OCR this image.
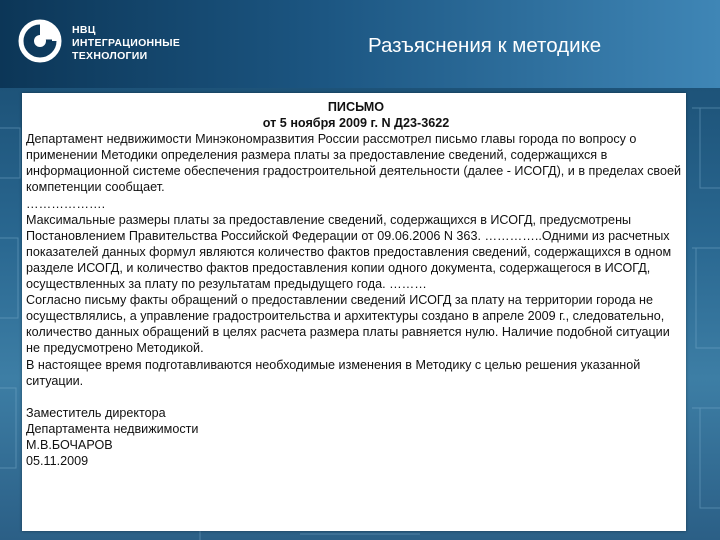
НВЦ
ИНТЕГРАЦИОННЫЕ
ТЕХНОЛОГИИ	Разъяснения к методике
ПИСЬМО
от 5 ноября 2009 г. N Д23-3622
Департамент недвижимости Минэкономразвития России рассмотрел письмо главы города по вопросу о применении Методики определения размера платы за предоставление сведений, содержащихся в информационной системе обеспечения градостроительной деятельности (далее - ИСОГД), и в пределах своей компетенции сообщает.
……………….
Максимальные размеры платы за предоставление сведений, содержащихся в ИСОГД, предусмотрены Постановлением Правительства Российской Федерации от 09.06.2006 N 363. …………..Одними из расчетных показателей данных формул являются количество фактов предоставления сведений, содержащихся в одном разделе ИСОГД, и количество фактов предоставления копии одного документа, содержащегося в ИСОГД, осуществленных за плату по результатам предыдущего года. ………
Согласно письму факты обращений о предоставлении сведений ИСОГД за плату на территории города не осуществлялись, а управление градостроительства и архитектуры создано в апреле 2009 г., следовательно, количество данных обращений в целях расчета размера платы равняется нулю. Наличие подобной ситуации не предусмотрено Методикой.
В настоящее время подготавливаются необходимые изменения в Методику с целью решения указанной ситуации.
Заместитель директора
Департамента недвижимости
М.В.БОЧАРОВ
05.11.2009
www.gis.su
